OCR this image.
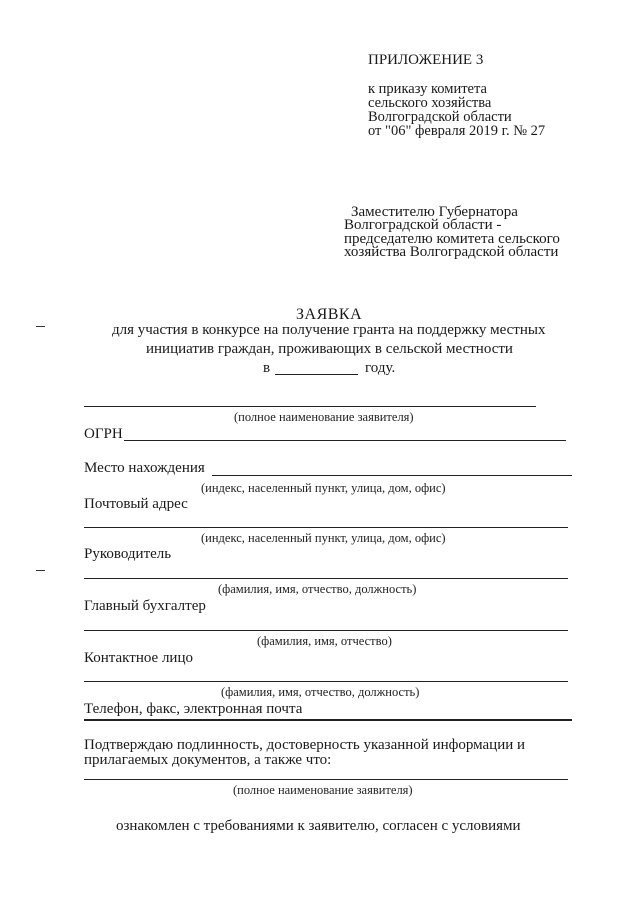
ПРИЛОЖЕНИЕ 3
к приказу комитета
сельского хозяйства
Волгоградской области
от "06" февраля 2019 г. № 27
Заместителю Губернатора
Волгоградской области -
председателю комитета сельского
хозяйства Волгоградской области
ЗАЯВКА
для участия в конкурсе на получение гранта на поддержку местных
инициатив граждан, проживающих в сельской местности
в	году.
(полное наименование заявителя)
ОГРН
Место нахождения
(индекс, населенный пункт, улица, дом, офис)
Почтовый адрес
(индекс, населенный пункт, улица, дом, офис)
Руководитель
(фамилия, имя, отчество, должность)
Главный бухгалтер
(фамилия, имя, отчество)
Контактное лицо
(фамилия, имя, отчество, должность)
Телефон, факс, электронная почта
Подтверждаю подлинность, достоверность указанной информации и
прилагаемых документов, а также что:
(полное наименование заявителя)
ознакомлен с требованиями к заявителю, согласен с условиями
